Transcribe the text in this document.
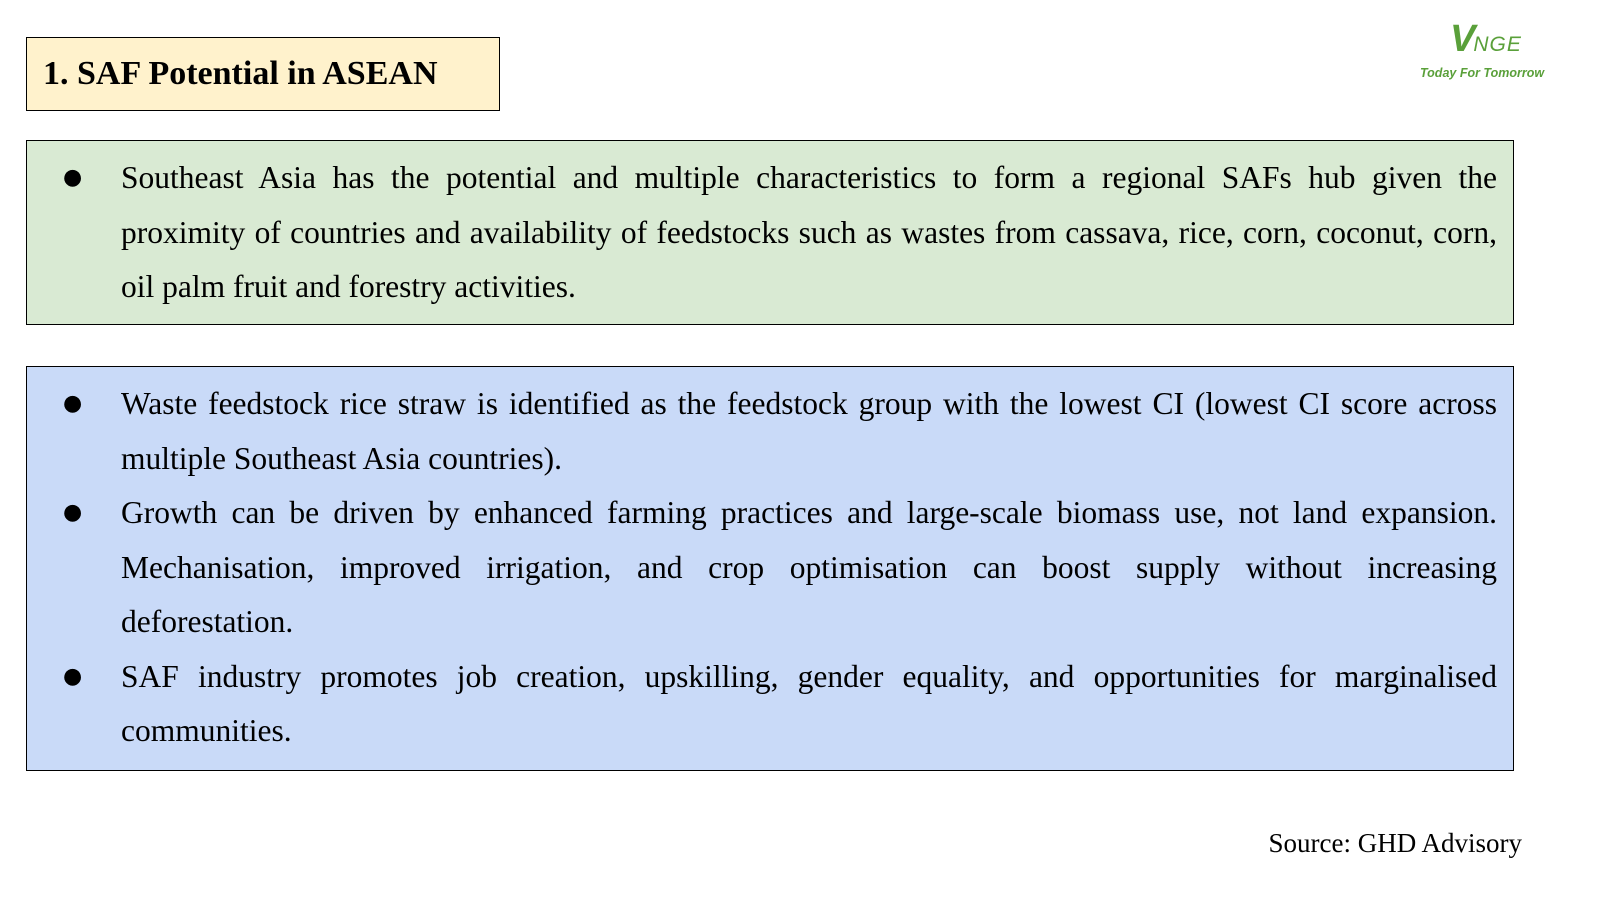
1. SAF Potential in ASEAN
VNGE
Today For Tomorrow
● Southeast Asia has the potential and multiple characteristics to form a regional SAFs hub given the proximity of countries and availability of feedstocks such as wastes from cassava, rice, corn, coconut, corn, oil palm fruit and forestry activities.
● Waste feedstock rice straw is identified as the feedstock group with the lowest CI (lowest CI score across multiple Southeast Asia countries).
● Growth can be driven by enhanced farming practices and large-scale biomass use, not land expansion. Mechanisation, improved irrigation, and crop optimisation can boost supply without increasing deforestation.
● SAF industry promotes job creation, upskilling, gender equality, and opportunities for marginalised communities.
Source: GHD Advisory
